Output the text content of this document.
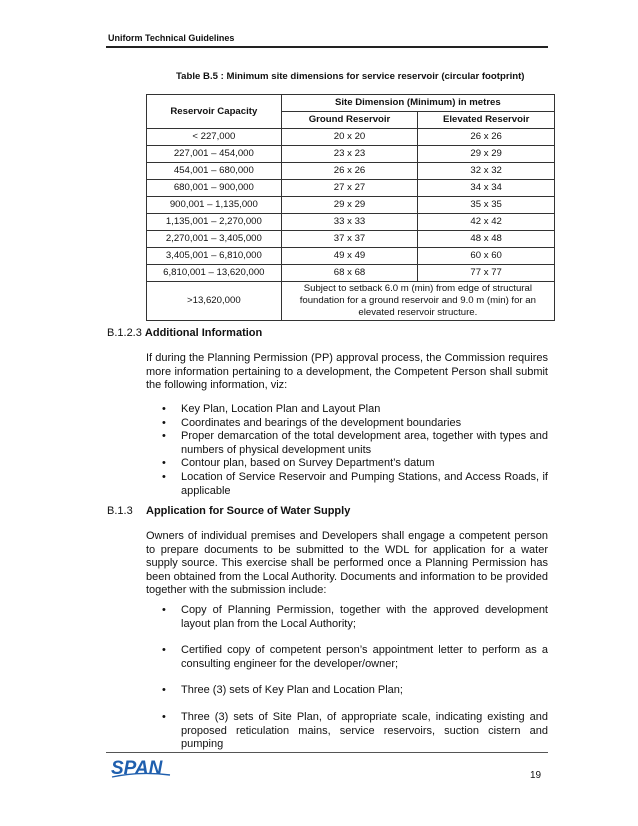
Uniform Technical Guidelines
Table B.5 : Minimum site dimensions for service reservoir (circular footprint)
Reservoir Capacity	Site Dimension (Minimum) in metres	
	Ground Reservoir	Elevated Reservoir
< 227,000	20 x 20	26 x 26
227,001 – 454,000	23 x 23	29 x 29
454,001 – 680,000	26 x 26	32 x 32
680,001 – 900,000	27 x 27	34 x 34
900,001 – 1,135,000	29 x 29	35 x 35
1,135,001 – 2,270,000	33 x 33	42 x 42
2,270,001 – 3,405,000	37 x 37	48 x 48
3,405,001 – 6,810,000	49 x 49	60 x 60
6,810,001 – 13,620,000	68 x 68	77 x 77
>13,620,000	Subject to setback 6.0 m (min) from edge of structural foundation for a ground reservoir and 9.0 m (min) for an elevated reservoir structure.	
B.1.2.3 Additional Information
If during the Planning Permission (PP) approval process, the Commission requires more information pertaining to a development, the Competent Person shall submit the following information, viz:
• Key Plan, Location Plan and Layout Plan
• Coordinates and bearings of the development boundaries
• Proper demarcation of the total development area, together with types and numbers of physical development units
• Contour plan, based on Survey Department’s datum
• Location of Service Reservoir and Pumping Stations, and Access Roads, if applicable
B.1.3 Application for Source of Water Supply
Owners of individual premises and Developers shall engage a competent person to prepare documents to be submitted to the WDL for application for a water supply source. This exercise shall be performed once a Planning Permission has been obtained from the Local Authority. Documents and information to be provided together with the submission include:
• Copy of Planning Permission, together with the approved development layout plan from the Local Authority;
• Certified copy of competent person’s appointment letter to perform as a consulting engineer for the developer/owner;
• Three (3) sets of Key Plan and Location Plan;
• Three (3) sets of Site Plan, of appropriate scale, indicating existing and proposed reticulation mains, service reservoirs, suction cistern and pumping
SPAN	19
